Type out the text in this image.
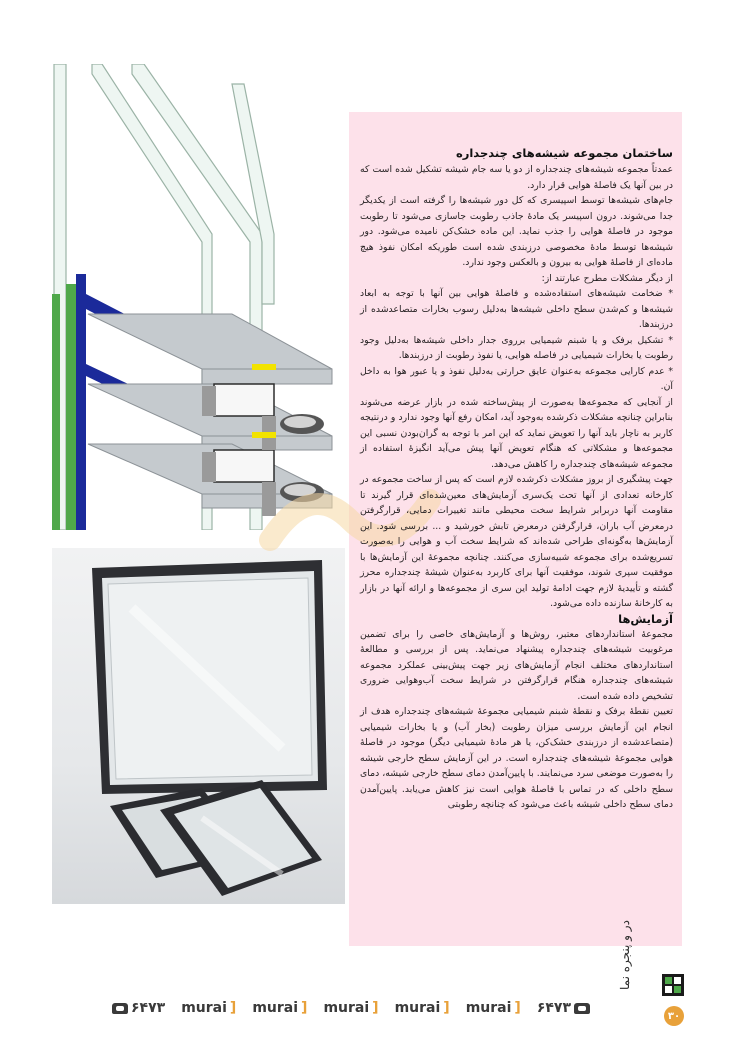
ساختمان مجموعه شیشه‌های چندجداره

عمدتاً مجموعه شیشه‌های چندجداره از دو یا سه جام شیشه تشکیل شده است که در بین آنها یک فاصلهٔ هوایی قرار دارد.

جام‌های شیشه‌ها توسط اسپیسری که کل دور شیشه‌ها را گرفته است از یکدیگر جدا می‌شوند. درون اسپیسر یک مادهٔ جاذب رطوبت جاسازی می‌شود تا رطوبت موجود در فاصلهٔ هوایی را جذب نماید. این ماده خشک‌کن نامیده می‌شود. دور شیشه‌ها توسط مادهٔ مخصوصی درزبندی شده است طوریکه امکان نفوذ هیچ ماده‌ای از فاصلهٔ هوایی به بیرون و بالعکس وجود ندارد.

از دیگر مشکلات مطرح عبارتند از:

* ضخامت شیشه‌های استفاده‌شده و فاصلهٔ هوایی بین آنها با توجه به ابعاد شیشه‌ها و کم‌شدن سطح داخلی شیشه‌ها به‌دلیل رسوب بخارات متصاعدشده از درزبندها.

* تشکیل برفک و یا شبنم شیمیایی برروی جدار داخلی شیشه‌ها به‌دلیل وجود رطوبت یا بخارات شیمیایی در فاصله هوایی، یا نفوذ رطوبت از درزبندها.

* عدم کارایی مجموعه به‌عنوان عایق حرارتی به‌دلیل نفوذ و یا عبور هوا به داخل آن.

از آنجایی که مجموعه‌ها به‌صورت از پیش‌ساخته شده در بازار عرضه می‌شوند بنابراین چنانچه مشکلات ذکرشده به‌وجود آید، امکان رفع آنها وجود ندارد و درنتیجه کاربر به ناچار باید آنها را تعویض نماید که این امر با توجه به گران‌بودن نسبی این مجموعه‌ها و مشکلاتی که هنگام تعویض آنها پیش می‌آید انگیزهٔ استفاده از مجموعه شیشه‌های چندجداره را کاهش می‌دهد.

جهت پیشگیری از بروز مشکلات ذکرشده لازم است که پس از ساخت مجموعه در کارخانه تعدادی از آنها تحت یک‌سری آزمایش‌های معین‌شده‌ای قرار گیرند تا مقاومت آنها دربرابر شرایط سخت محیطی مانند تغییرات دمایی، قرارگرفتن درمعرض آب باران، قرارگرفتن درمعرض تابش خورشید و ... بررسی شود. این آزمایش‌ها به‌گونه‌ای طراحی شده‌اند که شرایط سخت آب و هوایی را به‌صورت تسریع‌شده برای مجموعه شبیه‌سازی می‌کنند. چنانچه مجموعهٔ این آزمایش‌ها با موفقیت سپری شوند، موفقیت آنها برای کاربرد به‌عنوان شیشهٔ چندجداره محرز گشته و تأییدیهٔ لازم جهت ادامهٔ تولید این سری از مجموعه‌ها و ارائه آنها در بازار به کارخانهٔ سازنده داده می‌شود.

آزمایش‌ها

مجموعهٔ استانداردهای معتبر، روش‌ها و آزمایش‌های خاصی را برای تضمین مرغوبیت شیشه‌های چندجداره پیشنهاد می‌نماید. پس از بررسی و مطالعهٔ استانداردهای مختلف انجام آزمایش‌های زیر جهت پیش‌بینی عملکرد مجموعه شیشه‌های چندجداره هنگام قرارگرفتن در شرایط سخت آب‌وهوایی ضروری تشخیص داده شده است.

تعیین نقطهٔ برفک و نقطهٔ شبنم شیمیایی مجموعهٔ شیشه‌های چندجداره هدف از انجام این آزمایش بررسی میزان رطوبت (بخار آب) و یا بخارات شیمیایی (متصاعدشده از درزبندی خشک‌کن، یا هر مادهٔ شیمیایی دیگر) موجود در فاصلهٔ هوایی مجموعهٔ شیشه‌های چندجداره است. در این آزمایش سطح خارجی شیشه را به‌صورت موضعی سرد می‌نمایند. با پایین‌آمدن دمای سطح خارجی شیشه، دمای سطح داخلی که در تماس با فاصلهٔ هوایی است نیز کاهش می‌یابد. پایین‌آمدن دمای سطح داخلی شیشه باعث می‌شود که چنانچه رطوبتی

۶۴۷۳ murai ] murai ] murai ] murai ] murai ] ۶۴۷۳
در و پنجره نما
۳۰
